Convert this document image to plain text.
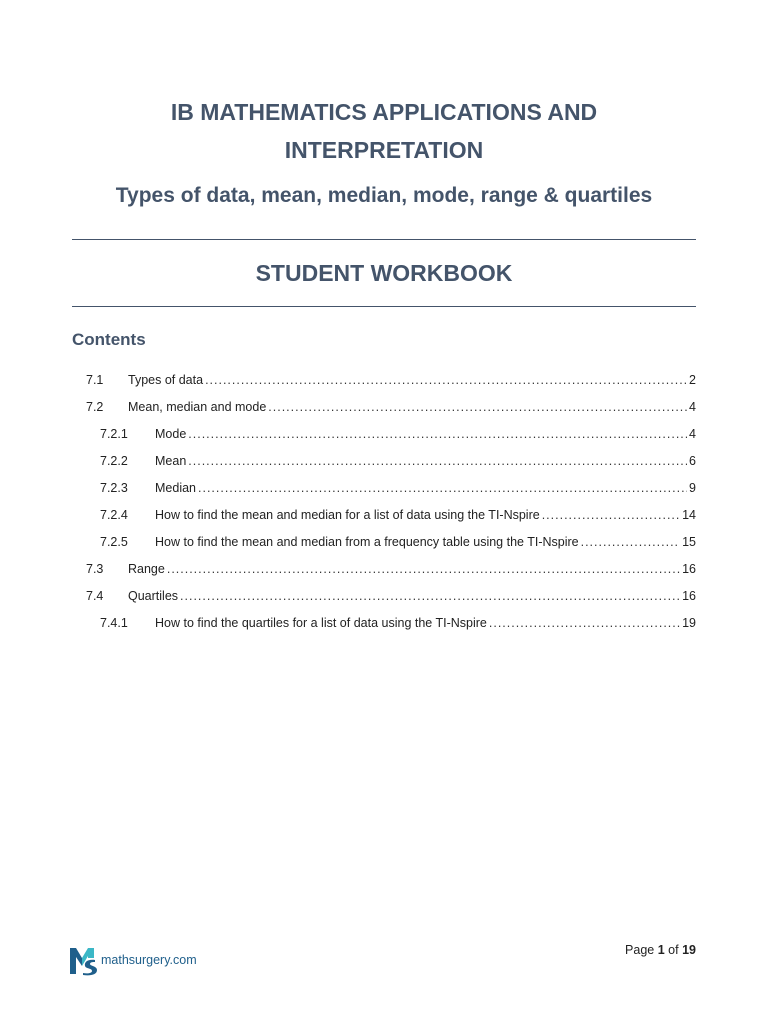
IB MATHEMATICS APPLICATIONS AND
INTERPRETATION
Types of data, mean, median, mode, range & quartiles
STUDENT WORKBOOK
Contents
7.1	Types of data .....	2
7.2	Mean, median and mode .....	4
7.2.1	Mode .....	4
7.2.2	Mean .....	6
7.2.3	Median .....	9
7.2.4	How to find the mean and median for a list of data using the TI-Nspire .....	14
7.2.5	How to find the mean and median from a frequency table using the TI-Nspire .....	15
7.3	Range .....	16
7.4	Quartiles .....	16
7.4.1	How to find the quartiles for a list of data using the TI-Nspire .....	19
mathsurgery.com
Page 1 of 19
